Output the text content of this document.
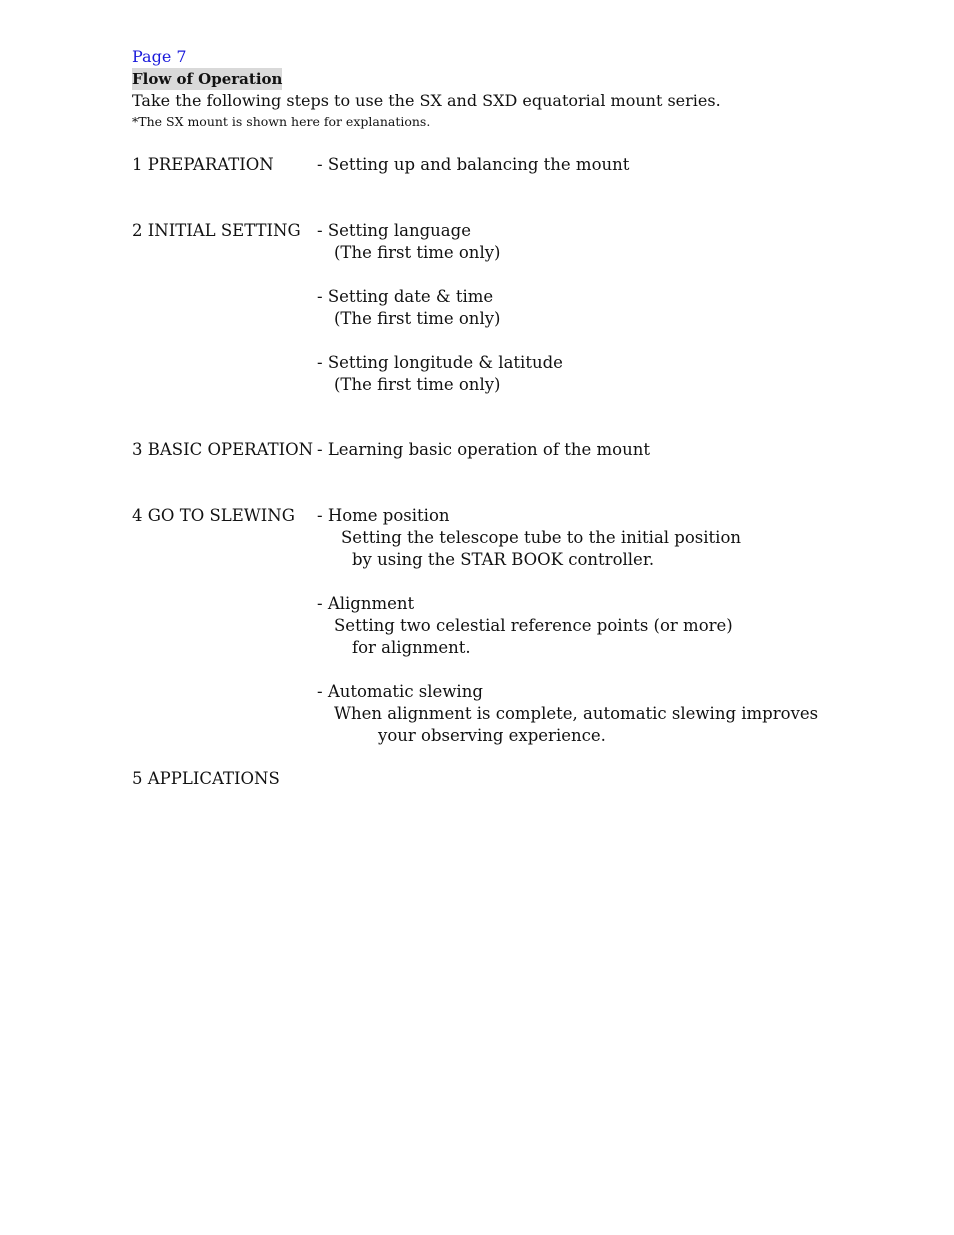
Page 7
Flow of Operation
Take the following steps to use the SX and SXD equatorial mount series.
*The SX mount is shown here for explanations.
1 PREPARATION	- Setting up and balancing the mount
2 INITIAL SETTING - Setting language
(The first time only)
- Setting date & time
(The first time only)
- Setting longitude & latitude
(The first time only)
3 BASIC OPERATION - Learning basic operation of the mount
4 GO TO SLEWING - Home position
Setting the telescope tube to the initial position
by using the STAR BOOK controller.
- Alignment
Setting two celestial reference points (or more)
for alignment.
- Automatic slewing
When alignment is complete, automatic slewing improves
your observing experience.
5 APPLICATIONS
